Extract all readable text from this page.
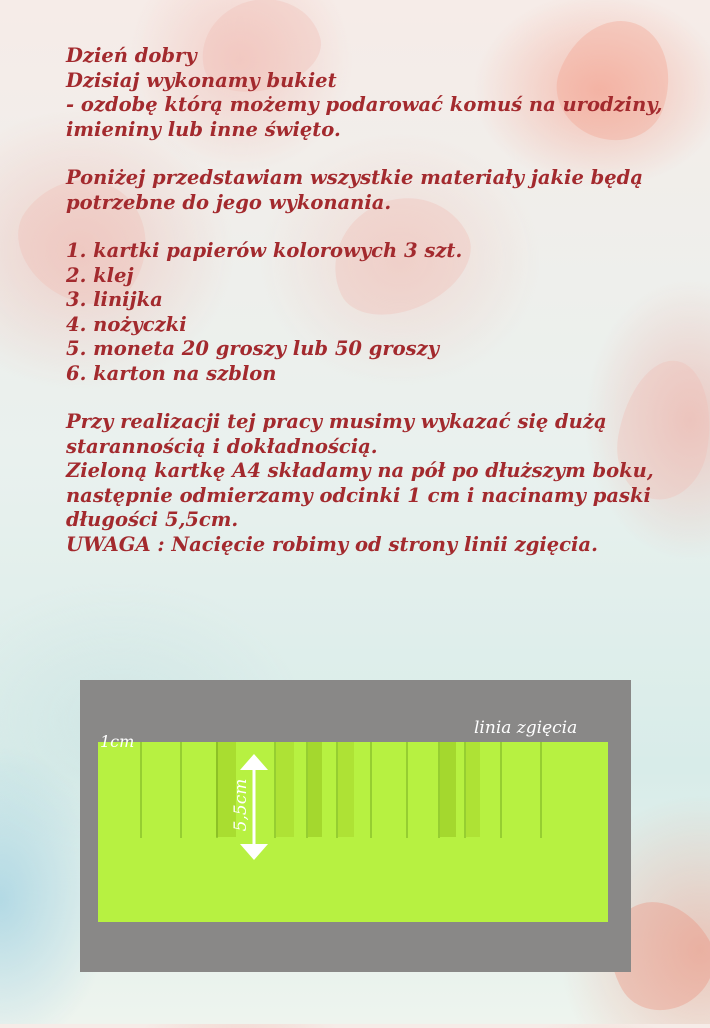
Dzień dobry
Dzisiaj wykonamy bukiet
- ozdobę którą możemy podarować komuś na urodziny,
imieniny lub inne święto.
Poniżej przedstawiam wszystkie materiały jakie będą
potrzebne do jego wykonania.
1. kartki papierów kolorowych 3 szt.
2. klej
3. linijka
4. nożyczki
5. moneta 20 groszy lub 50 groszy
6. karton na szblon
Przy realizacji tej pracy musimy wykazać się dużą
starannością i dokładnością.
Zieloną kartkę A4 składamy na pół po dłuższym boku,
następnie odmierzamy odcinki 1 cm i nacinamy paski
długości 5,5cm.
UWAGA : Nacięcie robimy od strony linii zgięcia.
1cm
linia zgięcia
5,5cm
